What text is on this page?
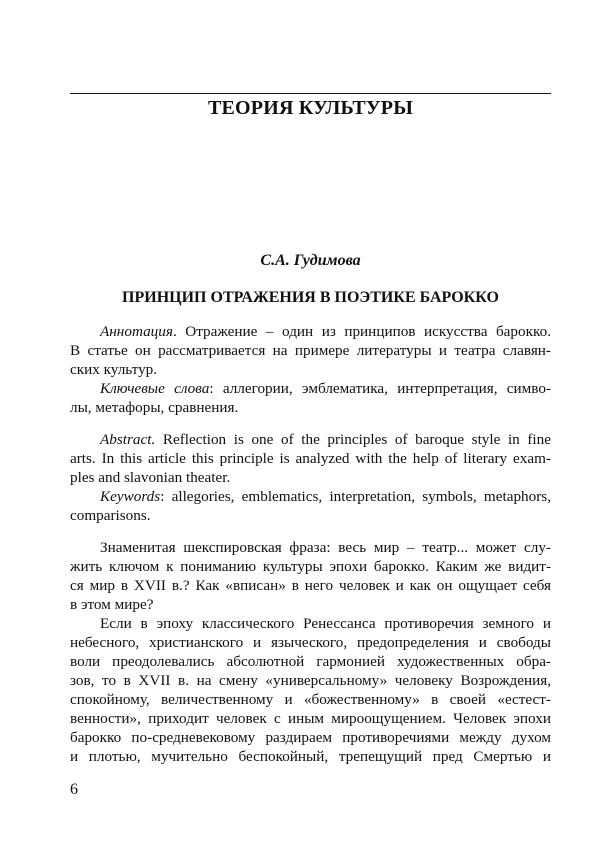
ТЕОРИЯ КУЛЬТУРЫ
С.А. Гудимова
ПРИНЦИП ОТРАЖЕНИЯ В ПОЭТИКЕ БАРОККО
Аннотация. Отражение – один из принципов искусства барокко.
В статье он рассматривается на примере литературы и театра славян-
ских культур.
Ключевые слова: аллегории, эмблематика, интерпретация, симво-
лы, метафоры, сравнения.
Abstract. Reflection is one of the principles of baroque style in fine
arts. In this article this principle is analyzed with the help of literary exam-
ples and slavonian theater.
Keywords: allegories, emblematics, interpretation, symbols, metaphors,
comparisons.
Знаменитая шекспировская фраза: весь мир – театр... может слу-
жить ключом к пониманию культуры эпохи барокко. Каким же видит-
ся мир в XVII в.? Как «вписан» в него человек и как он ощущает себя
в этом мире?
Если в эпоху классического Ренессанса противоречия земного и
небесного, христианского и языческого, предопределения и свободы
воли преодолевались абсолютной гармонией художественных обра-
зов, то в XVII в. на смену «универсальному» человеку Возрождения,
спокойному, величественному и «божественному» в своей «естест-
венности», приходит человек с иным мироощущением. Человек эпохи
барокко по-средневековому раздираем противоречиями между духом
и плотью, мучительно беспокойный, трепещущий пред Смертью и
6
